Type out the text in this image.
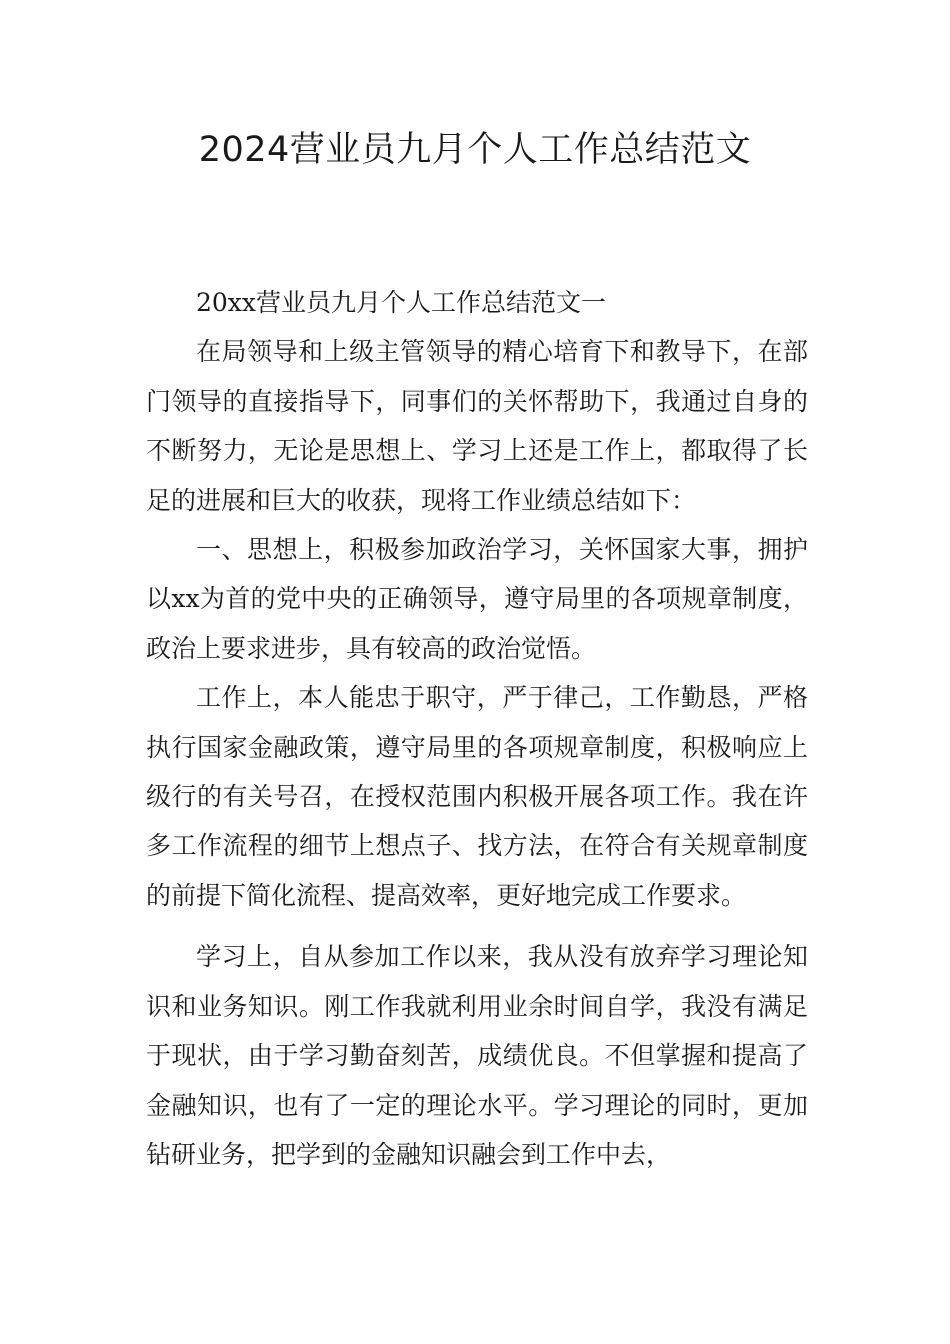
2024营业员九月个人工作总结范文

20xx营业员九月个人工作总结范文一

在局领导和上级主管领导的精心培育下和教导下，在部门领导的直接指导下，同事们的关怀帮助下，我通过自身的不断努力，无论是思想上、学习上还是工作上，都取得了长足的进展和巨大的收获，现将工作业绩总结如下：

一、思想上，积极参加政治学习，关怀国家大事，拥护以xx为首的党中央的正确领导，遵守局里的各项规章制度，政治上要求进步，具有较高的政治觉悟。

工作上，本人能忠于职守，严于律己，工作勤恳，严格执行国家金融政策，遵守局里的各项规章制度，积极响应上级行的有关号召，在授权范围内积极开展各项工作。我在许多工作流程的细节上想点子、找方法，在符合有关规章制度的前提下简化流程、提高效率，更好地完成工作要求。

学习上，自从参加工作以来，我从没有放弃学习理论知识和业务知识。刚工作我就利用业余时间自学，我没有满足于现状，由于学习勤奋刻苦，成绩优良。不但掌握和提高了金融知识，也有了一定的理论水平。学习理论的同时，更加钻研业务，把学到的金融知识融会到工作中去，
